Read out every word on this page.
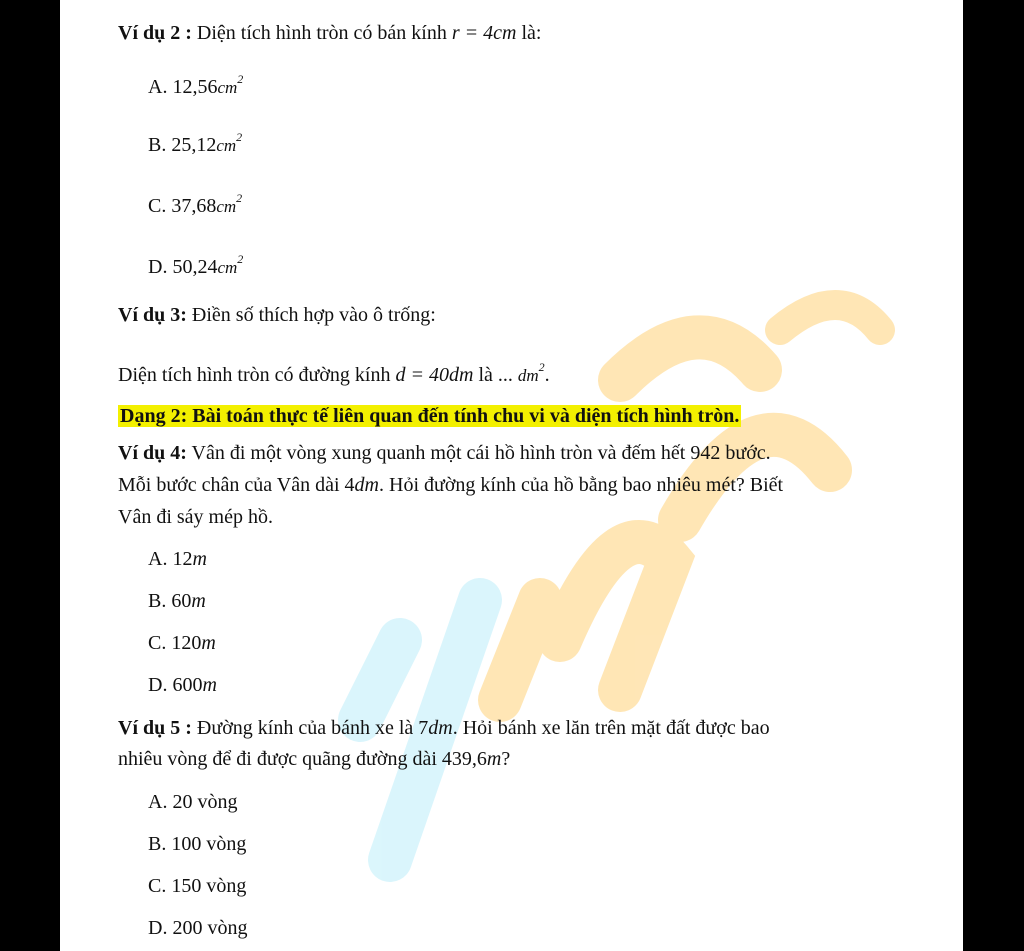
Ví dụ 2 : Diện tích hình tròn có bán kính r = 4cm là:
A. $12,56cm^2$
B. $25,12cm^2$
C. $37,68cm^2$
D. $50,24cm^2$
Ví dụ 3: Điền số thích hợp vào ô trống:
Diện tích hình tròn có đường kính d = 40dm là ... $dm^2$.
Dạng 2: Bài toán thực tế liên quan đến tính chu vi và diện tích hình tròn.
Ví dụ 4: Vân đi một vòng xung quanh một cái hồ hình tròn và đếm hết 942 bước.
Mỗi bước chân của Vân dài 4dm. Hỏi đường kính của hồ bằng bao nhiêu mét? Biết
Vân đi sáy mép hồ.
A. 12m
B. 60m
C. 120m
D. 600m
Ví dụ 5 : Đường kính của bánh xe là 7dm. Hỏi bánh xe lăn trên mặt đất được bao
nhiêu vòng để đi được quãng đường dài 439,6m?
A. 20 vòng
B. 100 vòng
C. 150 vòng
D. 200 vòng
